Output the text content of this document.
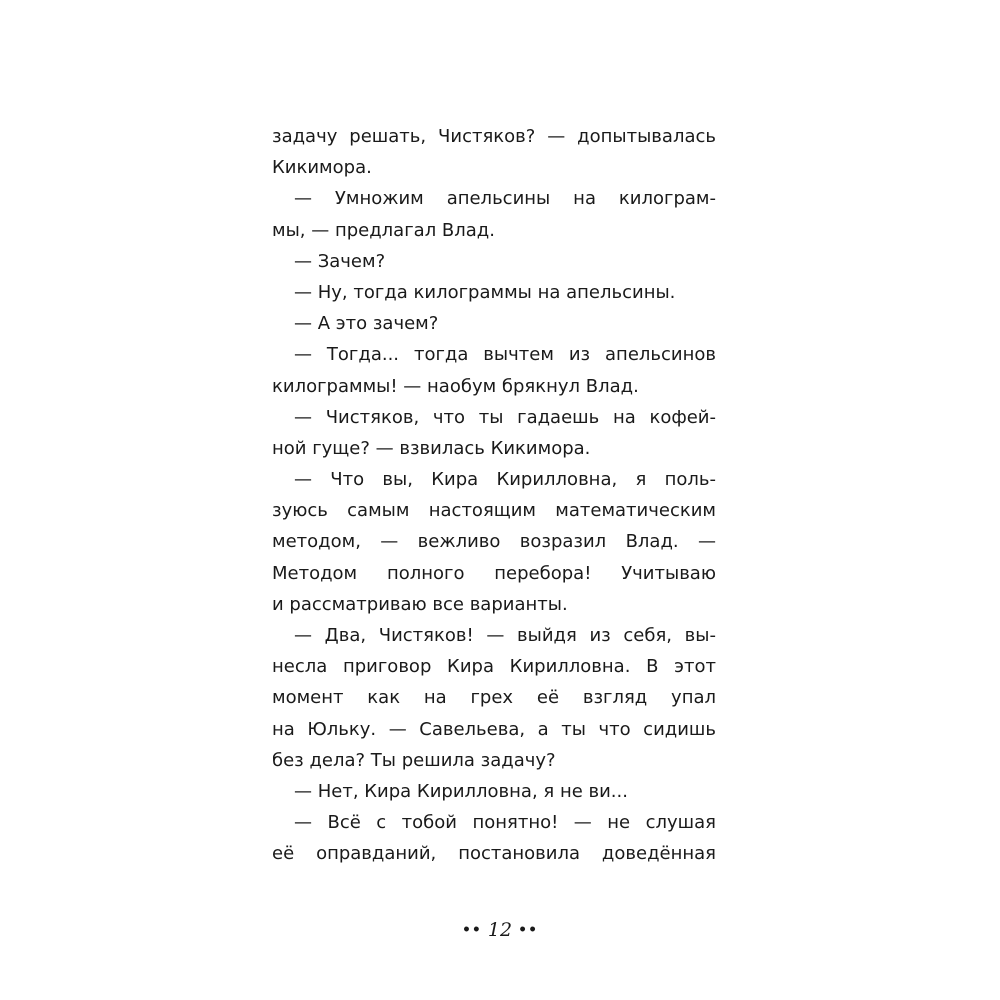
задачу решать, Чистяков? — допытывалась
Кикимора.
— Умножим апельсины на килограм-
мы, — предлагал Влад.
— Зачем?
— Ну, тогда килограммы на апельсины.
— А это зачем?
— Тогда... тогда вычтем из апельсинов
килограммы! — наобум брякнул Влад.
— Чистяков, что ты гадаешь на кофей-
ной гуще? — взвилась Кикимора.
— Что вы, Кира Кирилловна, я поль-
зуюсь самым настоящим математическим
методом, — вежливо возразил Влад. —
Методом полного перебора! Учитываю
и рассматриваю все варианты.
— Два, Чистяков! — выйдя из себя, вы-
несла приговор Кира Кирилловна. В этот
момент как на грех её взгляд упал
на Юльку. — Савельева, а ты что сидишь
без дела? Ты решила задачу?
— Нет, Кира Кирилловна, я не ви...
— Всё с тобой понятно! — не слушая
её оправданий, постановила доведённая
•• 12 ••
